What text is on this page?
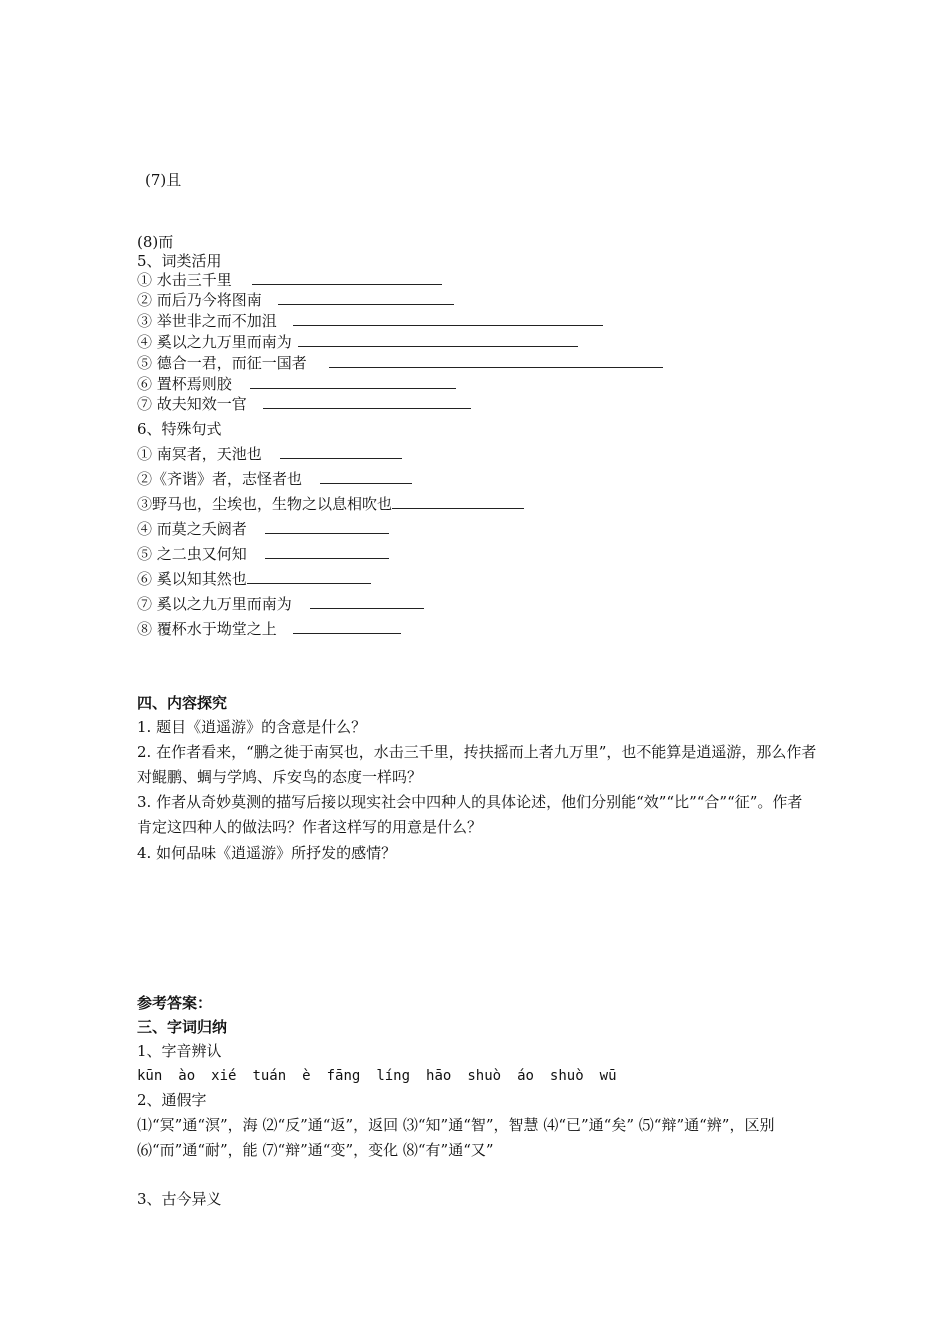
(7)且
(8)而
5、词类活用
① 水击三千里
② 而后乃今将图南
③ 举世非之而不加沮
④ 奚以之九万里而南为
⑤ 德合一君，而征一国者
⑥ 置杯焉则胶
⑦ 故夫知效一官
6、特殊句式
① 南冥者，天池也
②《齐谐》者，志怪者也
③野马也，尘埃也，生物之以息相吹也
④ 而莫之夭阏者
⑤ 之二虫又何知
⑥ 奚以知其然也
⑦ 奚以之九万里而南为
⑧ 覆杯水于坳堂之上
四、内容探究
1. 题目《逍遥游》的含意是什么？
2. 在作者看来，“鹏之徙于南冥也，水击三千里，抟扶摇而上者九万里”，也不能算是逍遥游，那么作者对鲲鹏、蜩与学鸠、斥安鸟的态度一样吗？
3. 作者从奇妙莫测的描写后接以现实社会中四种人的具体论述，他们分别能“效”“比”“合”“征”。作者肯定这四种人的做法吗？作者这样写的用意是什么？
4. 如何品味《逍遥游》所抒发的感情？
参考答案：
三、字词归纳
1、字音辨认
kūn ào xié tuán è fāng líng hāo shuò áo shuò wū
2、通假字
⑴“冥”通“溟”，海 ⑵“反”通“返”，返回 ⑶“知”通“智”，智慧 ⑷“已”通“矣” ⑸“辩”通“辨”，区别 ⑹“而”通“耐”，能 ⑺“辩”通“变”，变化 ⑻“有”通“又”
3、古今异义
